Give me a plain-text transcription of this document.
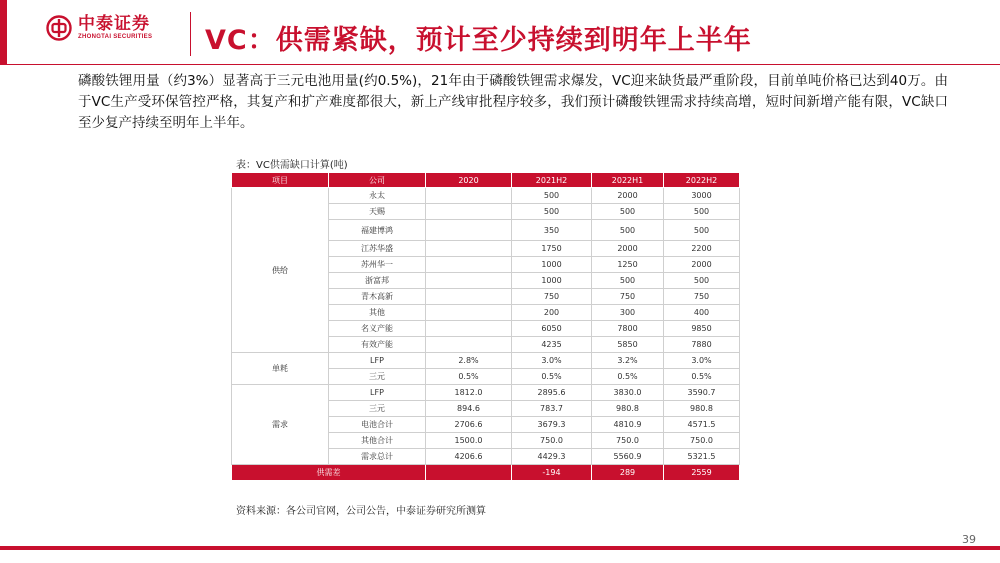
中泰证券
ZHONGTAI SECURITIES VC：供需紧缺，预计至少持续到明年上半年
磷酸铁锂用量（约3%）显著高于三元电池用量(约0.5%)，21年由于磷酸铁锂需求爆发，VC迎来缺货最严重阶段，目前单吨价格已达到40万。由于VC生产受环保管控严格，其复产和扩产难度都很大，新上产线审批程序较多，我们预计磷酸铁锂需求持续高增，短时间新增产能有限，VC缺口至少复产持续至明年上半年。
表：VC供需缺口计算(吨)
项目	公司	2020	2021H2	2022H1	2022H2
供给	永太		500	2000	3000
	天赐		500	500	500
	福建博鸿		350	500	500
	江苏华盛		1750	2000	2200
	苏州华一		1000	1250	2000
	浙富邦		1000	500	500
	青木高新		750	750	750
	其他		200	300	400
	名义产能		6050	7800	9850
	有效产能		4235	5850	7880
单耗	LFP	2.8%	3.0%	3.2%	3.0%
	三元	0.5%	0.5%	0.5%	0.5%
需求	LFP	1812.0	2895.6	3830.0	3590.7
	三元	894.6	783.7	980.8	980.8
	电池合计	2706.6	3679.3	4810.9	4571.5
	其他合计	1500.0	750.0	750.0	750.0
	需求总计	4206.6	4429.3	5560.9	5321.5
供需差			-194	289	2559
资料来源：各公司官网，公司公告，中泰证券研究所测算
39
